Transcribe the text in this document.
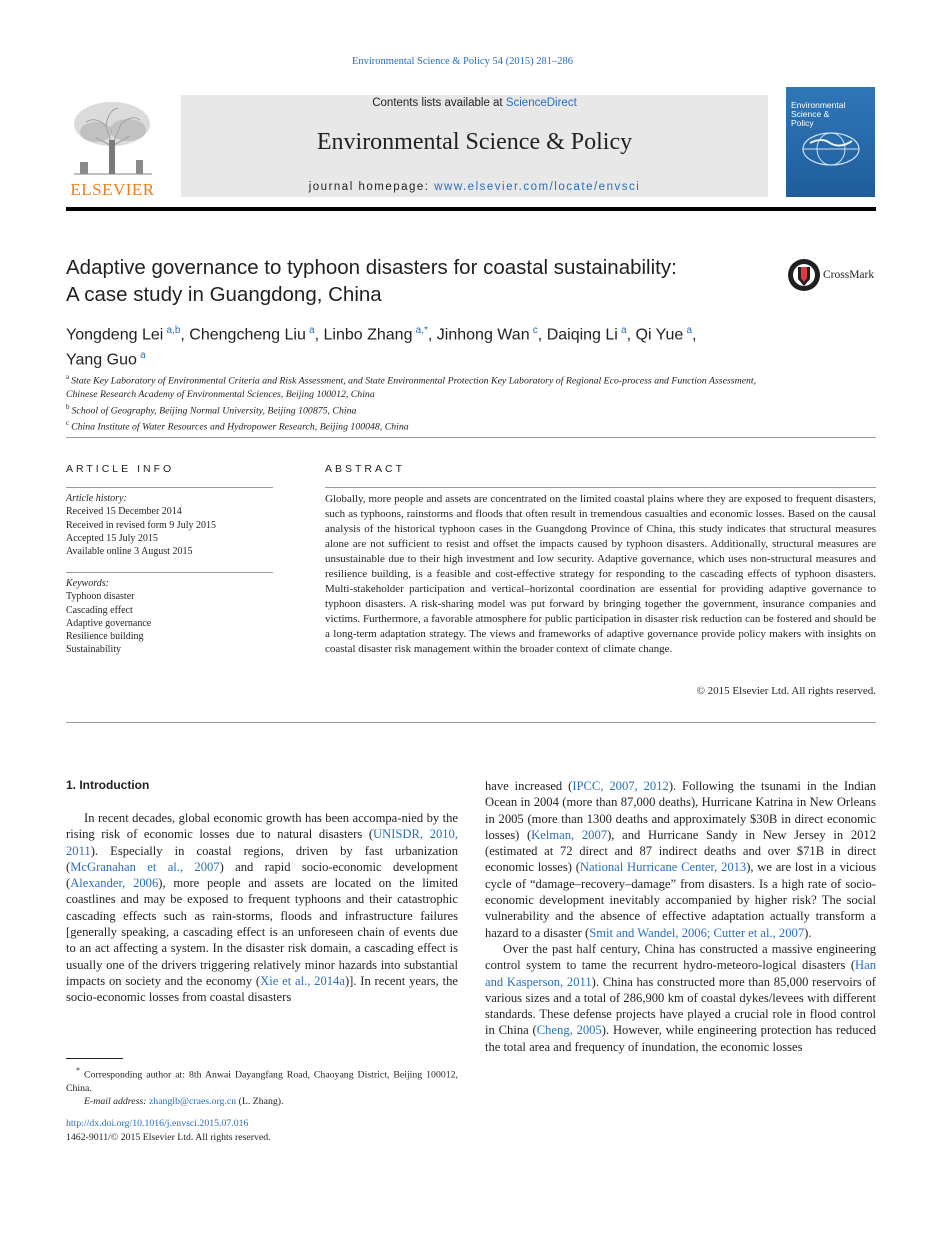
Environmental Science & Policy 54 (2015) 281–286
ELSEVIER
Contents lists available at ScienceDirect
Environmental Science & Policy
journal homepage: www.elsevier.com/locate/envsci
Environmental
Science &
Policy
Adaptive governance to typhoon disasters for coastal sustainability:
A case study in Guangdong, China
CrossMark
Yongdeng Lei  $^{a,b}$, Chengcheng Liu  $^a$, Linbo Zhang  $^{a,*}$, Jinhong Wan  $^c$, Daiqing Li  $^a$, Qi Yue  $^a$,
Yang Guo  $^a$
$^a$  State Key Laboratory of Environmental Criteria and Risk Assessment, and State Environmental Protection Key Laboratory of Regional Eco-process and Function Assessment, Chinese Research Academy of Environmental Sciences, Beijing 100012, China
$^b$  School of Geography, Beijing Normal University, Beijing 100875, China
$^c$  China Institute of Water Resources and Hydropower Research, Beijing 100048, China
ARTICLE INFO
Article history:
Received 15 December 2014
Received in revised form 9 July 2015
Accepted 15 July 2015
Available online 3 August 2015
Keywords:
Typhoon disaster
Cascading effect
Adaptive governance
Resilience building
Sustainability
ABSTRACT
Globally, more people and assets are concentrated on the limited coastal plains where they are exposed to frequent disasters, such as typhoons, rainstorms and floods that often result in tremendous casualties and economic losses. Based on the causal analysis of the historical typhoon cases in the Guangdong Province of China, this study indicates that structural measures alone are not sufficient to resist and offset the impacts caused by typhoon disasters. Additionally, structural measures are unsustainable due to their high investment and low security. Adaptive governance, which uses non-structural measures and resilience building, is a feasible and cost-effective strategy for responding to the cascading effects of typhoon disasters. Multi-stakeholder participation and vertical–horizontal coordination are essential for providing adaptive governance to typhoon disasters. A risk-sharing model was put forward by bringing together the government, insurance companies and victims. Furthermore, a favorable atmosphere for public participation in disaster risk reduction can be fostered and should be a long-term adaptation strategy. The views and frameworks of adaptive governance provide policy makers with insights on coastal disaster risk management within the broader context of climate change.
© 2015 Elsevier Ltd. All rights reserved.
1. Introduction

In recent decades, global economic growth has been accompa-nied by the rising risk of economic losses due to natural disasters (UNISDR, 2010, 2011). Especially in coastal regions, driven by fast urbanization (McGranahan et al., 2007) and rapid socio-economic development (Alexander, 2006), more people and assets are located on the limited coastlines and may be exposed to frequent typhoons and their catastrophic cascading effects such as rain-storms, floods and infrastructure failures [generally speaking, a cascading effect is an unforeseen chain of events due to an act affecting a system. In the disaster risk domain, a cascading effect is usually one of the drivers triggering relatively minor hazards into substantial impacts on society and the economy (Xie et al., 2014a)]. In recent years, the socio-economic losses from coastal disasters

have increased (IPCC, 2007, 2012). Following the tsunami in the Indian Ocean in 2004 (more than 87,000 deaths), Hurricane Katrina in New Orleans in 2005 (more than 1300 deaths and approximately $30B in direct economic losses) (Kelman, 2007), and Hurricane Sandy in New Jersey in 2012 (estimated at 72 direct and 87 indirect deaths and over $71B in direct economic losses) (National Hurricane Center, 2013), we are lost in a vicious cycle of “damage–recovery–damage” from disasters. Is a high rate of socio-economic development inevitably accompanied by higher risk? The social vulnerability and the absence of effective adaptation actually transform a hazard to a disaster (Smit and Wandel, 2006; Cutter et al., 2007).

Over the past half century, China has constructed a massive engineering control system to tame the recurrent hydro-meteoro-logical disasters (Han and Kasperson, 2011). China has constructed more than 85,000 reservoirs of various sizes and a total of 286,900 km of coastal dykes/levees with different standards. These defense projects have played a crucial role in flood control in China (Cheng, 2005). However, while engineering protection has reduced the total area and frequency of inundation, the economic losses

* Corresponding author at: 8th Anwai Dayangfang Road, Chaoyang District, Beijing 100012, China.
E-mail address: zhanglb@craes.org.cn (L. Zhang).
http://dx.doi.org/10.1016/j.envsci.2015.07.016
1462-9011/© 2015 Elsevier Ltd. All rights reserved.
